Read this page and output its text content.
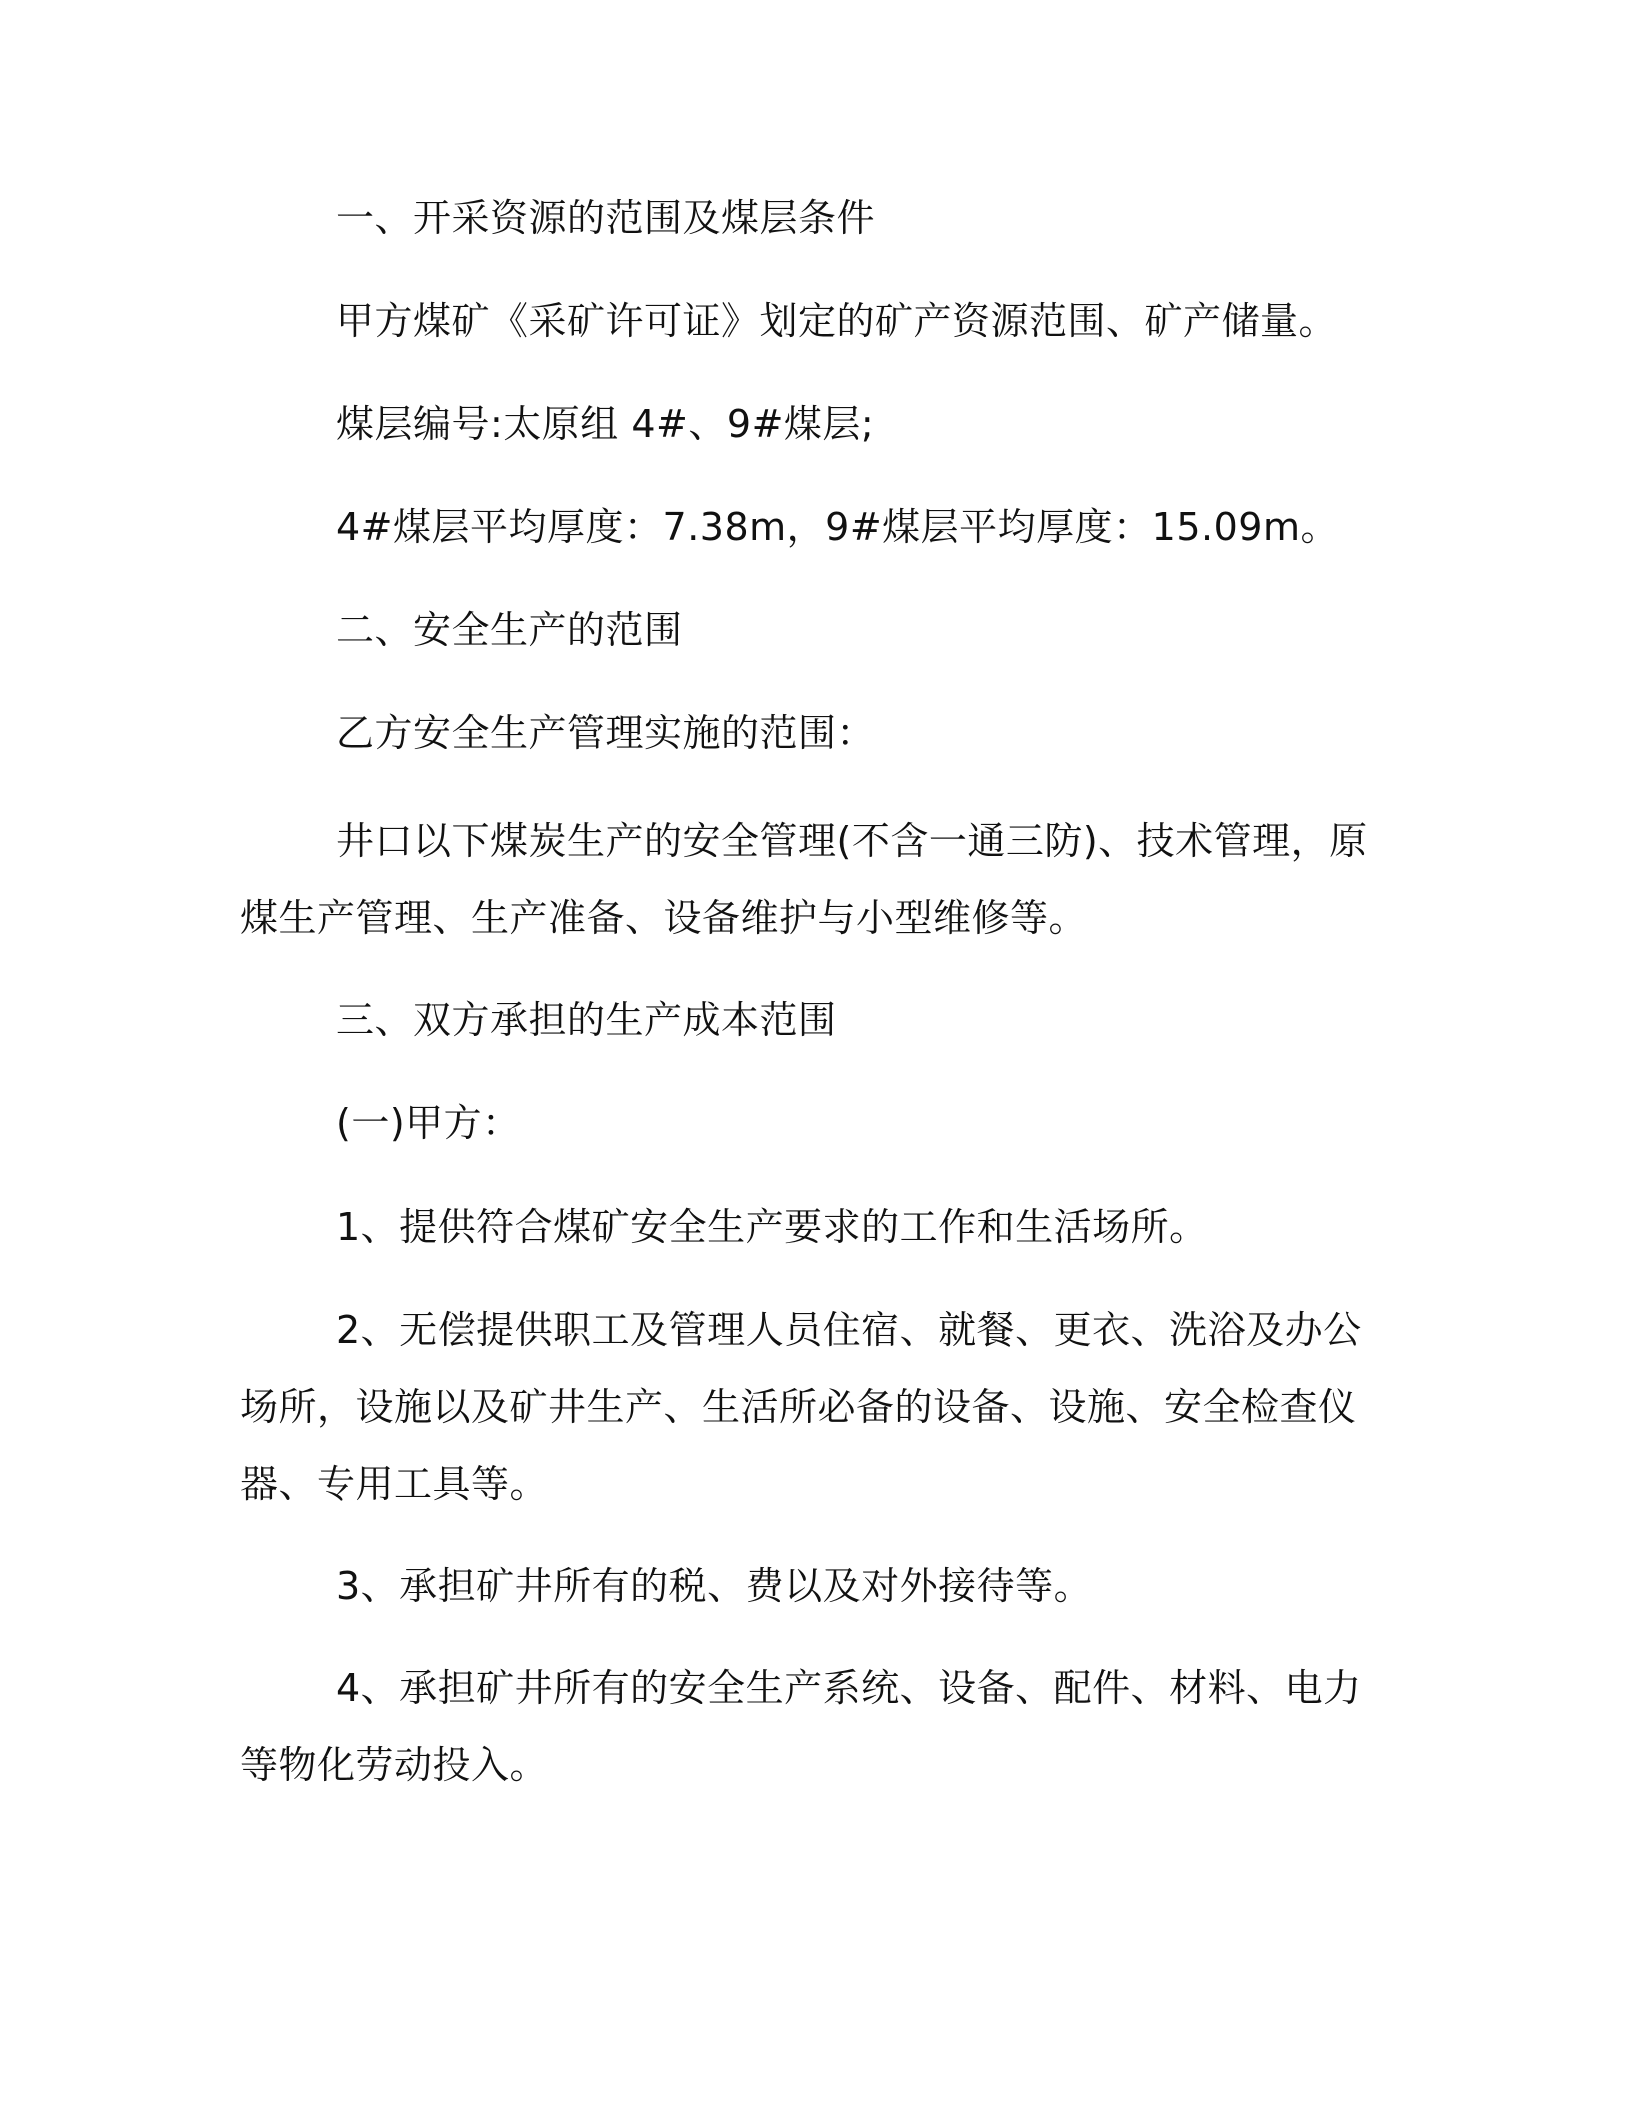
一、开采资源的范围及煤层条件

甲方煤矿《采矿许可证》划定的矿产资源范围、矿产储量。

煤层编号:太原组 4#、9#煤层;

4#煤层平均厚度：7.38m，9#煤层平均厚度：15.09m。

二、安全生产的范围

乙方安全生产管理实施的范围：

井口以下煤炭生产的安全管理(不含一通三防)、技术管理，原煤生产管理、生产准备、设备维护与小型维修等。

三、双方承担的生产成本范围

(一)甲方：

1、提供符合煤矿安全生产要求的工作和生活场所。

2、无偿提供职工及管理人员住宿、就餐、更衣、洗浴及办公场所，设施以及矿井生产、生活所必备的设备、设施、安全检查仪器、专用工具等。

3、承担矿井所有的税、费以及对外接待等。

4、承担矿井所有的安全生产系统、设备、配件、材料、电力等物化劳动投入。
